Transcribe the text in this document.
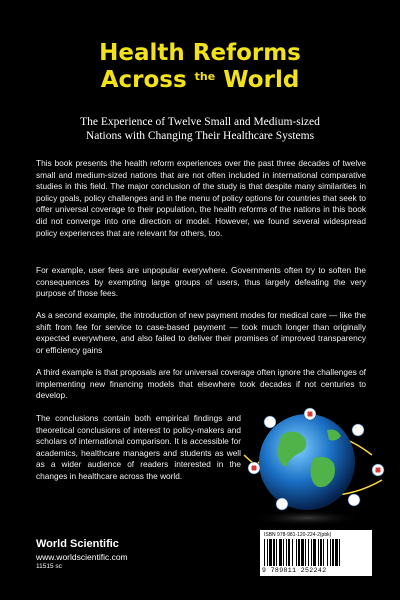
Health Reforms
Across $^{the}$ World
The Experience of Twelve Small and Medium-sized Nations with Changing Their Healthcare Systems

This book presents the health reform experiences over the past three decades of twelve small and medium-sized nations that are not often included in international comparative studies in this field. The major conclusion of the study is that despite many similarities in policy goals, policy challenges and in the menu of policy options for countries that seek to offer universal coverage to their population, the health reforms of the nations in this book did not converge into one direction or model. However, we found several widespread policy experiences that are relevant for others, too.

For example, user fees are unpopular everywhere. Governments often try to soften the consequences by exempting large groups of users, thus largely defeating the very purpose of those fees.

As a second example, the introduction of new payment modes for medical care — like the shift from fee for service to case-based payment — took much longer than originally expected everywhere, and also failed to deliver their promises of improved transparency or efficiency gains

A third example is that proposals are for universal coverage often ignore the challenges of implementing new financing models that elsewhere took decades if not centuries to develop.

The conclusions contain both empirical findings and theoretical conclusions of interest to policy-makers and scholars of international comparison. It is accessible for academics, healthcare managers and students as well as a wider audience of readers interested in the changes in healthcare across the world.

World Scientific
www.worldscientific.com
11515 sc
ISBN 978-981-120-224-2(pbk)
9 789811 252242
